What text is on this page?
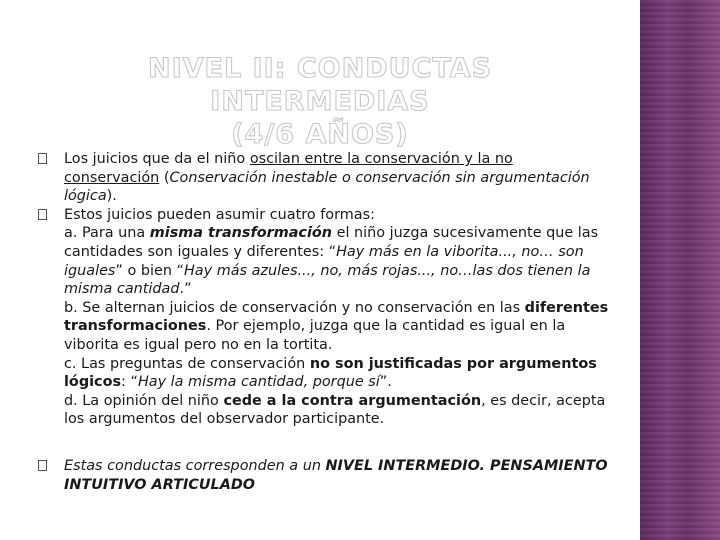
NIVEL II: CONDUCTAS INTERMEDIAS
(4/6 AÑOS)

Los juicios que da el niño oscilan entre la conservación y la no conservación (Conservación inestable o conservación sin argumentación lógica).

Estos juicios pueden asumir cuatro formas:

a. Para una misma transformación el niño juzga sucesivamente que las cantidades son iguales y diferentes: “Hay más en la viborita..., no… son iguales” o bien “Hay más azules..., no, más rojas..., no…las dos tienen la misma cantidad.”

b. Se alternan juicios de conservación y no conservación en las diferentes transformaciones. Por ejemplo, juzga que la cantidad es igual en la viborita es igual pero no en la tortita.

c. Las preguntas de conservación no son justificadas por argumentos lógicos: “Hay la misma cantidad, porque sí”.

d. La opinión del niño cede a la contra argumentación, es decir, acepta los argumentos del observador participante.

Estas conductas corresponden a un NIVEL INTERMEDIO. PENSAMIENTO INTUITIVO ARTICULADO
